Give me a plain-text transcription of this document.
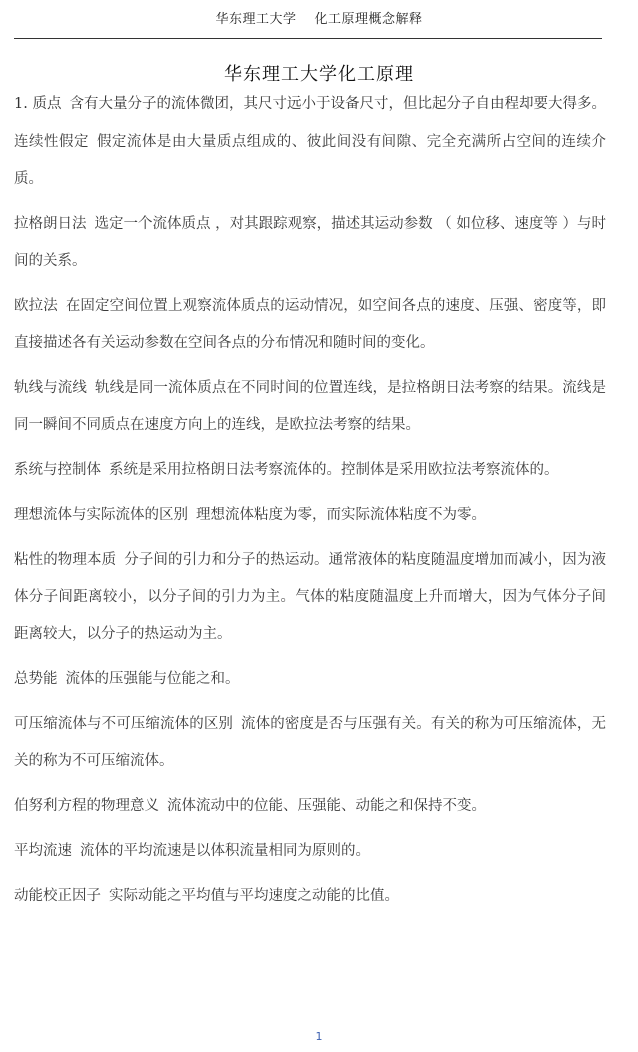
华东理工大学 化工原理概念解释
华东理工大学化工原理
1. 质点 含有大量分子的流体微团，其尺寸远小于设备尺寸，但比起分子自由程却要大得多。
连续性假定 假定流体是由大量质点组成的、彼此间没有间隙、完全充满所占空间的连续介质。
拉格朗日法 选定一个流体质点 ，对其跟踪观察，描述其运动参数 （ 如位移、速度等 ）与时间的关系。
欧拉法 在固定空间位置上观察流体质点的运动情况，如空间各点的速度、压强、密度等，即直接描述各有关运动参数在空间各点的分布情况和随时间的变化。
轨线与流线 轨线是同一流体质点在不同时间的位置连线，是拉格朗日法考察的结果。流线是同一瞬间不同质点在速度方向上的连线，是欧拉法考察的结果。
系统与控制体 系统是采用拉格朗日法考察流体的。控制体是采用欧拉法考察流体的。
理想流体与实际流体的区别 理想流体粘度为零，而实际流体粘度不为零。
粘性的物理本质 分子间的引力和分子的热运动。通常液体的粘度随温度增加而减小，因为液体分子间距离较小，以分子间的引力为主。气体的粘度随温度上升而增大，因为气体分子间距离较大，以分子的热运动为主。
总势能 流体的压强能与位能之和。
可压缩流体与不可压缩流体的区别 流体的密度是否与压强有关。有关的称为可压缩流体，无关的称为不可压缩流体。
伯努利方程的物理意义 流体流动中的位能、压强能、动能之和保持不变。
平均流速 流体的平均流速是以体积流量相同为原则的。
动能校正因子 实际动能之平均值与平均速度之动能的比值。
1
